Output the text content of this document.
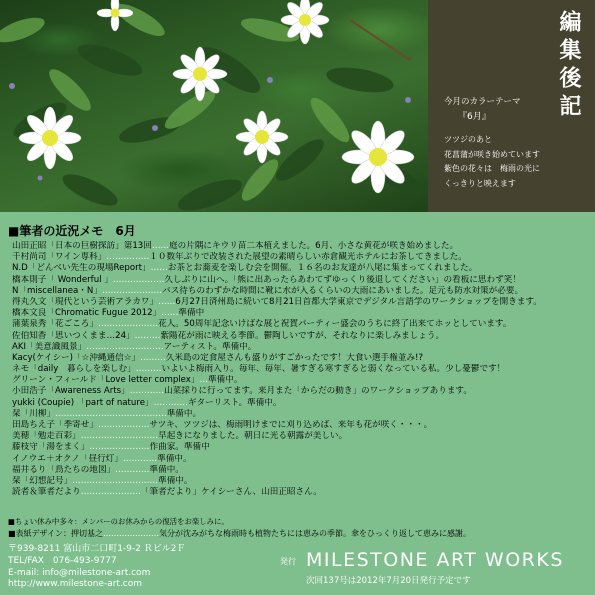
編集後記
今月のカラーテーマ
『6月』
ツツジのあと
花菖蒲が咲き始めています
紫色の花々は　梅雨の光に
くっきりと映えます
■筆者の近況メモ　6月
山田正昭「日本の巨樹探訪」第13回……庭の片隅にキウリ苗二本植えました。6月、小さな黄花が咲き始めました。
千村尚司「ワイン専科」……………１０数年ぶりで改装された展望の素晴らしい赤倉観光ホテルにお茶してきました。
N.D「どんべい先生の現場Report」……お茶とお蕎麦を楽しむ会を開催。１６名のお友達が八尾に集まってくれました。
橋本則子「 Wonderful 」………………久しぶりに山へ。「熊に出あったらあわてずゆっくり後退してください」の看板に思わず笑！
N「miscellanea・N」…………………バス待ちのわずかな時間に靴に水が入るくらいの大雨にあいました。足元も防水対策が必要。
得丸久文「現代という芸術アラカワ」……6月27日済州島に続いて8月21日首都大学東京でデジタル言語学のワークショップを開きます。
橋本文良「Chromatic Fugue 2012」……準備中
蒲葉泉秀「花ごころ」…………………花人。50周年記念いけばな展と祝賀パーティー盛会のうちに終了出来てホッとしています。
佐伯知香「思いつくまま…24」………紫陽花が雨に映える季節。鬱陶しいですが、それなりに楽しみましょう。
AKI「美意識風景」………………………アーティスト。準備中。
Kacy(ケイシー)「☆沖縄通信☆」………久米島の定食屋さんも盛りがすごかったです！大食い選手権並み!?
ネモ「daily　暮らしを楽しむ」………いよいよ梅雨入り。毎年、毎年、暑すぎる寒すぎると弱くなっている私。少し憂鬱です！
グリーン・フィールド「Love letter complex」…準備中。
小田浩子「Awareness Arts」…………山菜採りに行ってます。来月また「からだの動き」のワークショップあります。
yukki (Coupie) 「part of nature」…………ギターリスト。準備中。
栞「川柳」…………………………………準備中。
田島ちえ子「季寄せ」………………サツキ、ツツジは、梅雨明けまでに刈り込めば、来年も花が咲く・・・。
美穂「勉走百彩」………………………早起きになりました。朝日に光る朝露が美しい。
藤枝守「湯をまく」…………………作曲家。準備中
イノウエ＋オクノ「昼行灯」…………準備中。
福井るり「鳥たちの地図」…………準備中。
栞「幻想記号」…………………………準備中。
読者＆筆者だより…………………「筆者だより」ケイシーさん、山田正昭さん。
■ちょい休み中多々：メンバーのお休みからの復活をお楽しみに。
■表紙デザイン：押切基之…………………気分が沈みがちな梅雨時も植物たちには恵みの季節。傘をひっくり返して恵みに感謝。
〒939-8211 富山市二口町1-9-2 Ｒビル2Ｆ
TEL/FAX　076-493-9777
E-mail: info@milestone-art.com
http://www.milestone-art.com
発行 MILESTONE ART WORKS
次回137号は2012年7月20日発行予定です
